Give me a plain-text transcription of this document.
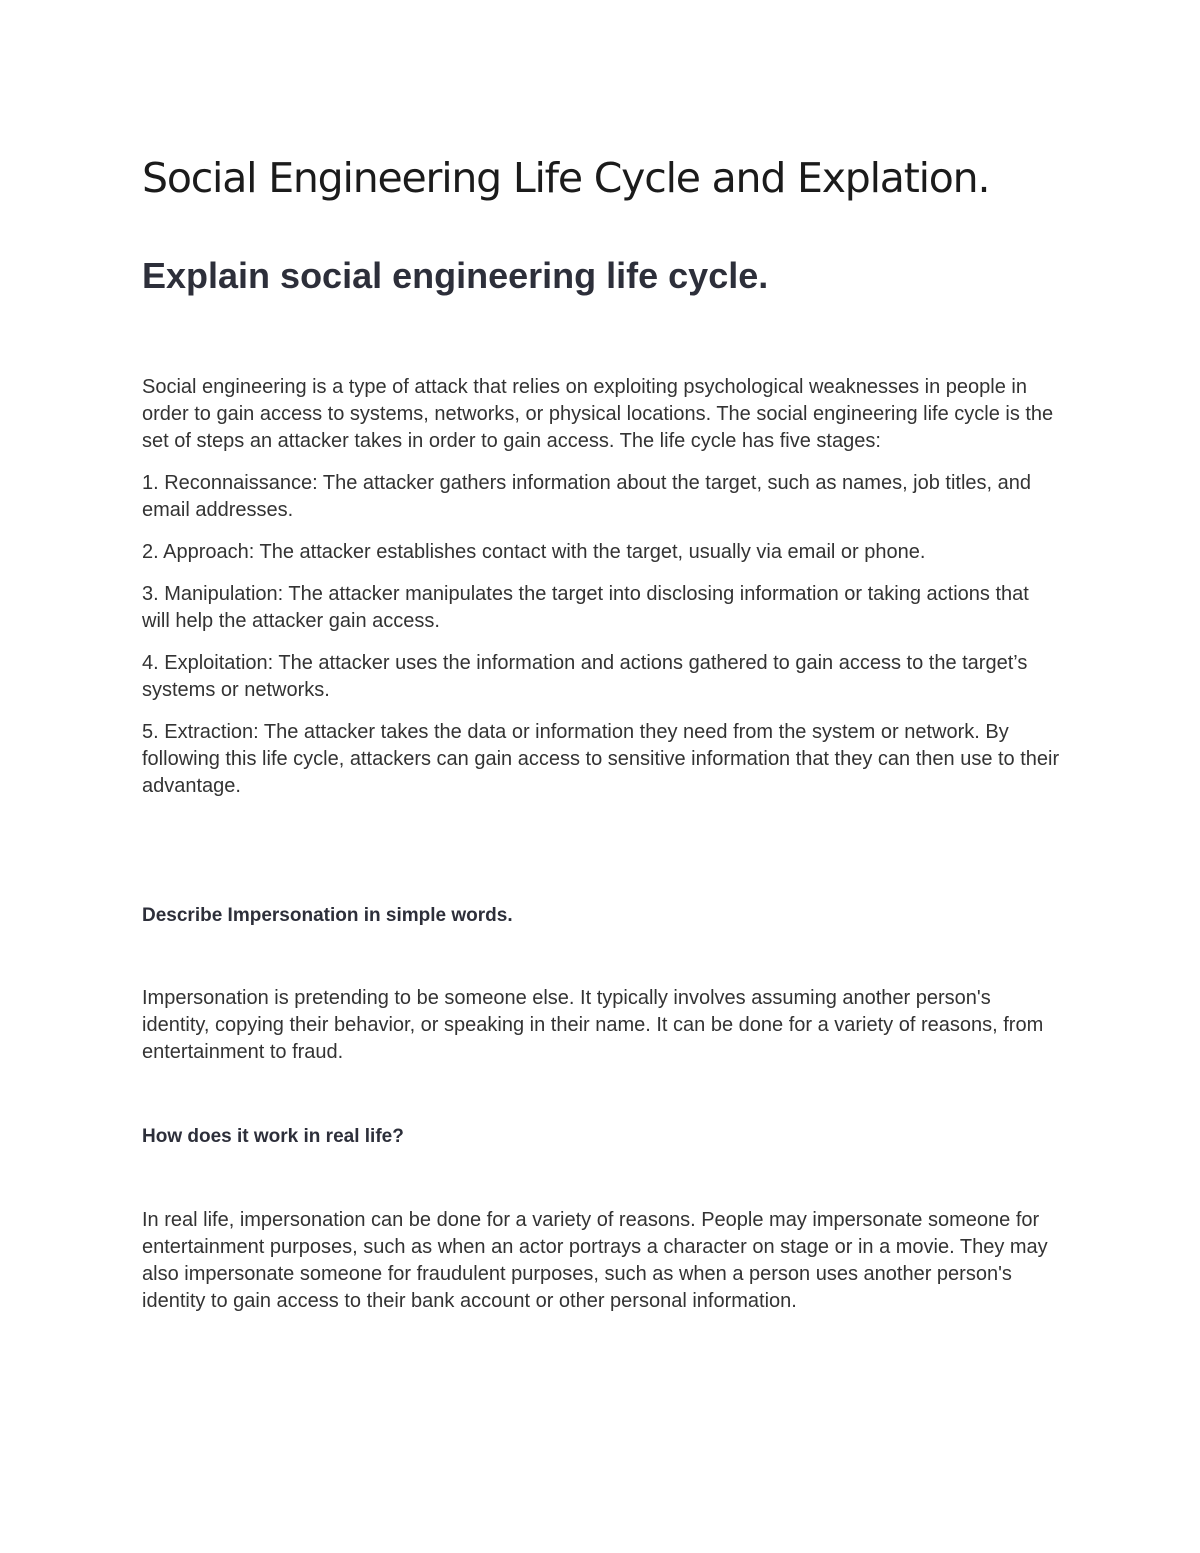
Social Engineering Life Cycle and Explation.
Explain social engineering life cycle.

Social engineering is a type of attack that relies on exploiting psychological weaknesses in people in order to gain access to systems, networks, or physical locations. The social engineering life cycle is the set of steps an attacker takes in order to gain access. The life cycle has five stages:

1. Reconnaissance: The attacker gathers information about the target, such as names, job titles, and email addresses.

2. Approach: The attacker establishes contact with the target, usually via email or phone.

3. Manipulation: The attacker manipulates the target into disclosing information or taking actions that will help the attacker gain access.

4. Exploitation: The attacker uses the information and actions gathered to gain access to the target’s systems or networks.

5. Extraction: The attacker takes the data or information they need from the system or network. By following this life cycle, attackers can gain access to sensitive information that they can then use to their advantage.

Describe Impersonation in simple words.

Impersonation is pretending to be someone else. It typically involves assuming another person's identity, copying their behavior, or speaking in their name. It can be done for a variety of reasons, from entertainment to fraud.

How does it work in real life?

In real life, impersonation can be done for a variety of reasons. People may impersonate someone for entertainment purposes, such as when an actor portrays a character on stage or in a movie. They may also impersonate someone for fraudulent purposes, such as when a person uses another person's identity to gain access to their bank account or other personal information.
